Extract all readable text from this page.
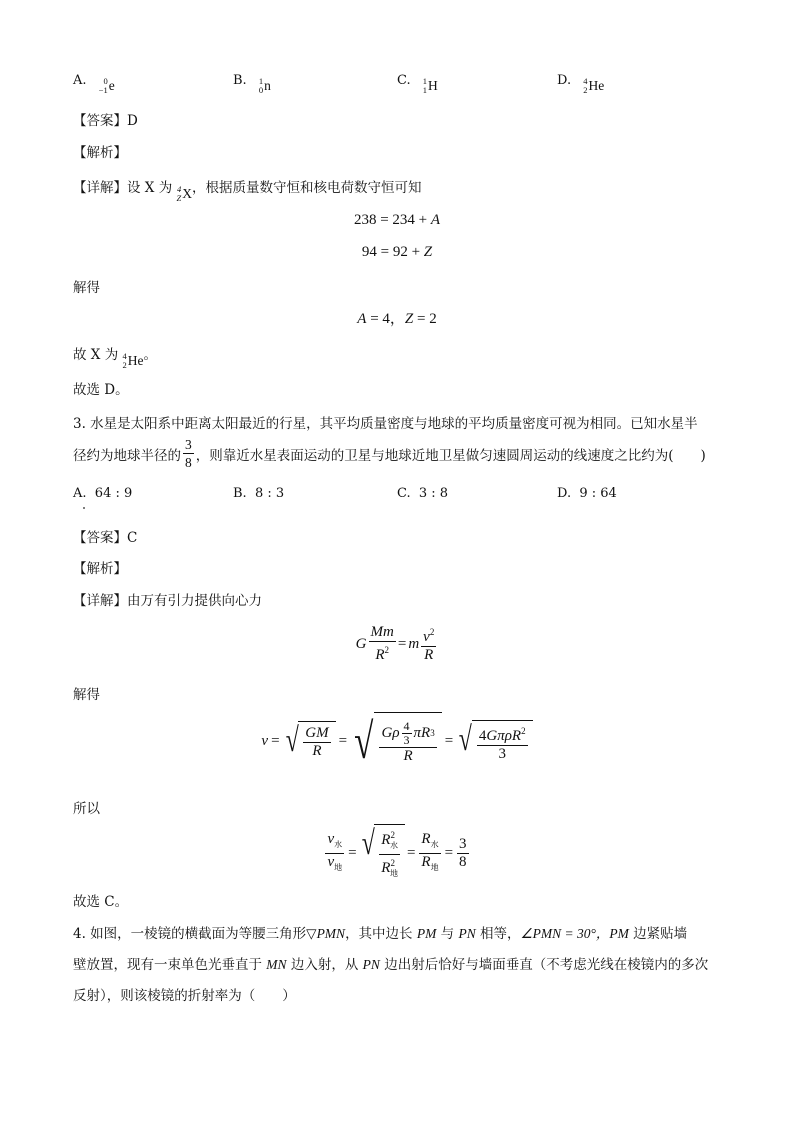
A. 0
−1 e	B. 1
0 n	C. 1
1 H	D. 4
2 He
【答案】D
【解析】
【详解】设 X 为 4
Z X ，根据质量数守恒和核电荷数守恒可知
238 = 234 + A
94 = 92 + Z
解得
A = 4，Z = 2
故 X 为 4
2 He 。
故选 D。
3. 水星是太阳系中距离太阳最近的行星，其平均质量密度与地球的平均质量密度可视为相同。已知水星半
径约为地球半径的 $\frac{3}{8}$ ，则靠近水星表面运动的卫星与地球近地卫星做匀速圆周运动的线速度之比约为(　　)
A. 64 : 9	B. 8 : 3	C. 3 : 8	D. 9 : 64
【答案】C
【解析】
【详解】由万有引力提供向心力
G $\frac{Mm}{R^2} = m \frac{v^2}{R}$
解得
v = √ $\frac{GM}{R}$ = √ $\frac{G\rho \frac{4}{3} \pi R 3}{R}$ = √ $\frac{4G\pi\rho R^2}{3}$
所以
$\frac{v_水}{v_地}$ = √ $\frac{R^2_水}{R^2_地} = \frac{R_水}{R_地} = \frac{3}{8}$
故选 C。
4. 如图，一棱镜的横截面为等腰三角形▽PMN，其中边长 PM 与 PN 相等，∠PMN = 30°，PM 边紧贴墙
壁放置，现有一束单色光垂直于 MN 边入射，从 PN 边出射后恰好与墙面垂直（不考虑光线在棱镜内的多次
反射），则该棱镜的折射率为（　　）
